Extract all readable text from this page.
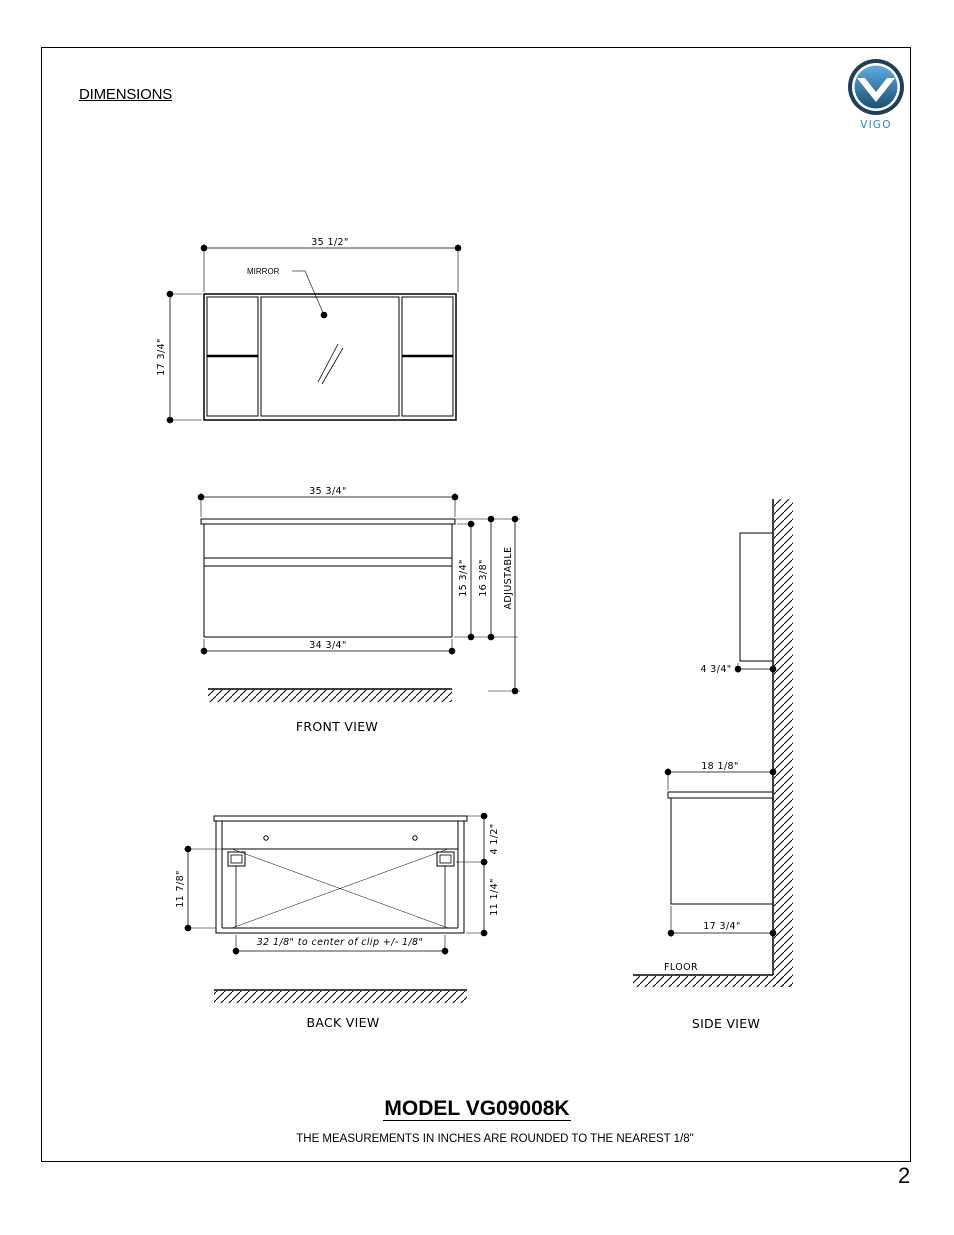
DIMENSIONS
VIGO
35 1/2"
17 3/4"
MIRROR
35 3/4"
34 3/4"
15 3/4" 16 3/8" ADJUSTABLE
FRONT VIEW
11 7/8"
4 1/2"
11 1/4"
32 1/8" to center of clip +/- 1/8"
BACK VIEW
4 3/4"
18 1/8"
17 3/4"
FLOOR
SIDE VIEW
MODEL VG09008K
THE MEASUREMENTS IN INCHES ARE ROUNDED TO THE NEAREST 1/8"
2
